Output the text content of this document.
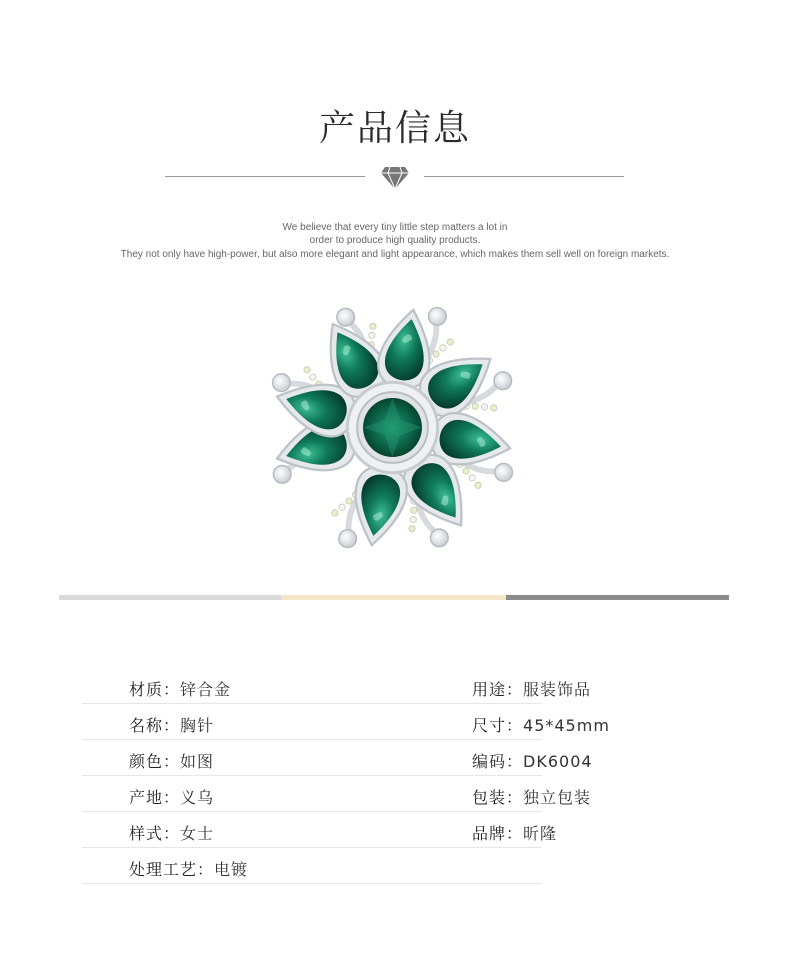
产品信息
We believe that every tiny little step matters a lot in
order to produce high quality products.
They not only have high-power, but also more elegant and light appearance, which makes them sell well on foreign markets.
材质：锌合金	用途：服装饰品
名称：胸针	尺寸：45*45mm
颜色：如图	编码：DK6004
产地：义乌	包装：独立包装
样式：女士	品牌：昕隆
处理工艺：电镀
